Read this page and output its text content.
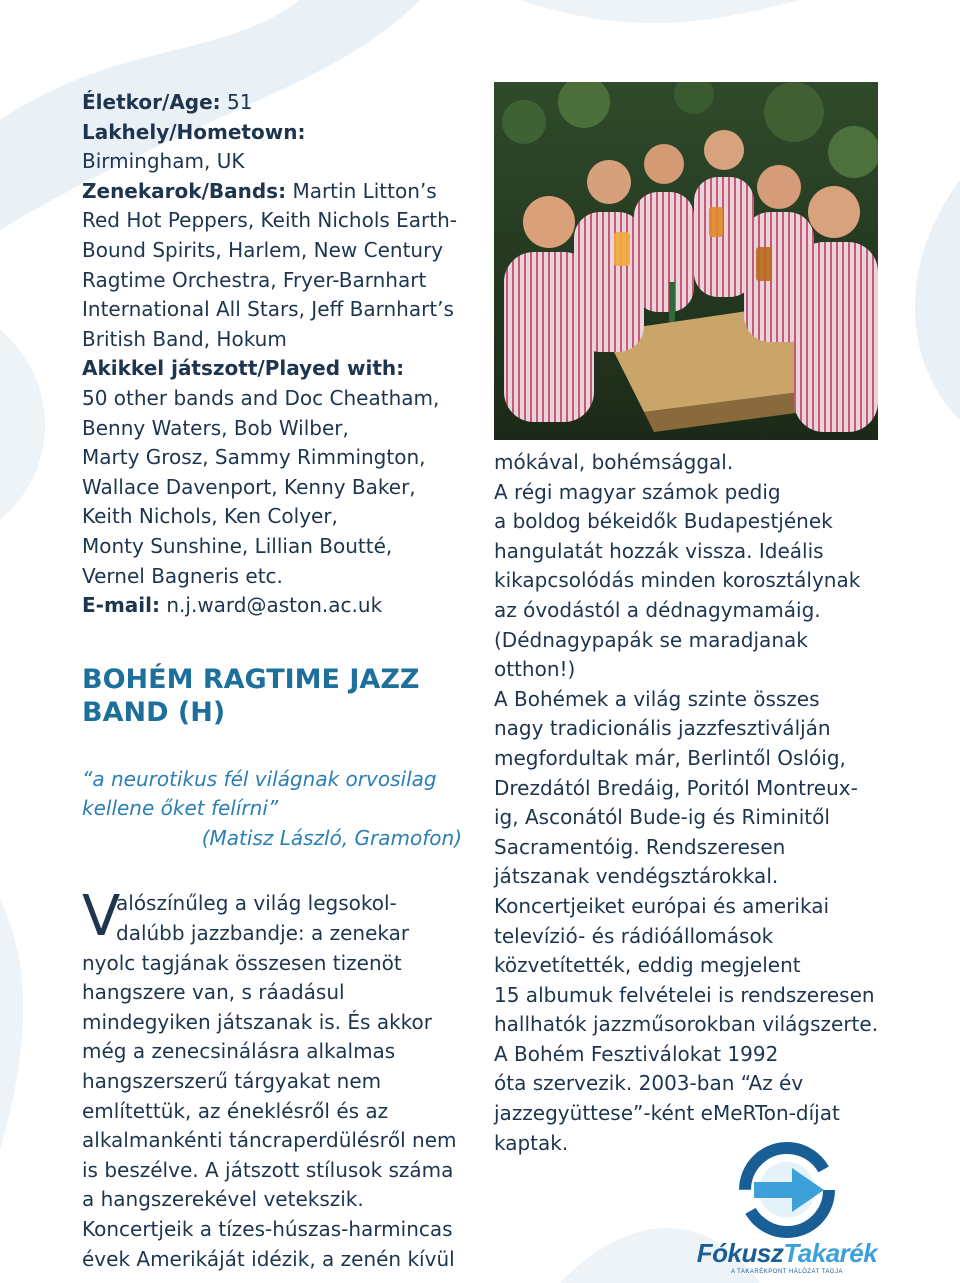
Életkor/Age: 51
Lakhely/Hometown:
Birmingham, UK
Zenekarok/Bands: Martin Litton’s
Red Hot Peppers, Keith Nichols Earth-
Bound Spirits, Harlem, New Century
Ragtime Orchestra, Fryer-Barnhart
International All Stars, Jeff Barnhart’s
British Band, Hokum
Akikkel játszott/Played with:
50 other bands and Doc Cheatham,
Benny Waters, Bob Wilber,
Marty Grosz, Sammy Rimmington,
Wallace Davenport, Kenny Baker,
Keith Nichols, Ken Colyer,
Monty Sunshine, Lillian Boutté,
Vernel Bagneris etc.
E-mail: n.j.ward@aston.ac.uk
BOHÉM RAGTIME JAZZ
BAND (H)
“a neurotikus fél világnak orvosilag
kellene őket felírni”
(Matisz László, Gramofon)
V
alószínűleg a világ legsokol-
dalúbb jazzbandje: a zenekar
nyolc tagjának összesen tizenöt
hangszere van, s ráadásul
mindegyiken játszanak is. És akkor
még a zenecsinálásra alkalmas
hangszerszerű tárgyakat nem
említettük, az éneklésről és az
alkalmankénti táncraperdülésről nem
is beszélve. A játszott stílusok száma
a hangszerekével vetekszik.
Koncertjeik a tízes-húszas-harmincas
évek Amerikáját idézik, a zenén kívül
mókával, bohémsággal.
A régi magyar számok pedig
a boldog békeidők Budapestjének
hangulatát hozzák vissza. Ideális
kikapcsolódás minden korosztálynak
az óvodástól a dédnagymamáig.
(Dédnagypapák se maradjanak
otthon!)
A Bohémek a világ szinte összes
nagy tradicionális jazzfesztiválján
megfordultak már, Berlintől Oslóig,
Drezdától Bredáig, Poritól Montreux-
ig, Asconától Bude-ig és Riminitől
Sacramentóig. Rendszeresen
játszanak vendégsztárokkal.
Koncertjeiket európai és amerikai
televízió- és rádióállomások
közvetítették, eddig megjelent
15 albumuk felvételei is rendszeresen
hallhatók jazzműsorokban világszerte.
A Bohém Fesztiválokat 1992
óta szervezik. 2003-ban “Az év
jazzegyüttese”-ként eMeRTon-díjat
kaptak.
FókuszTakarék
A TAKARÉKPONT HÁLÓZAT TAGJA
